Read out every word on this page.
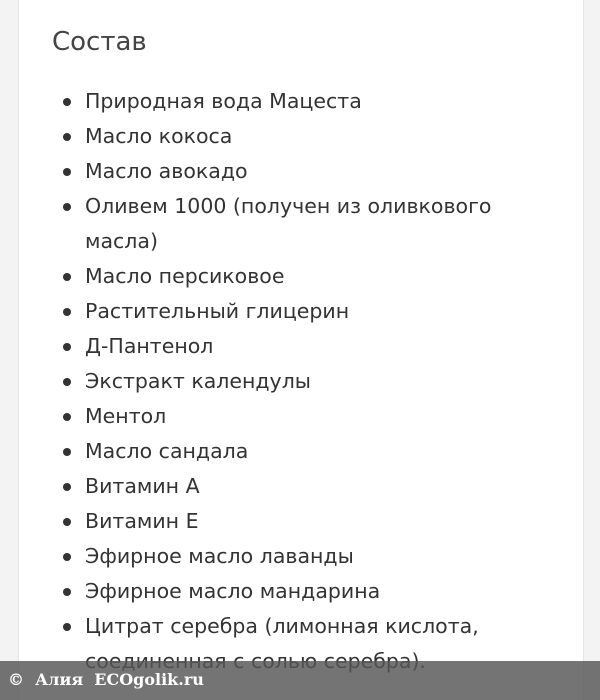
Состав
Природная вода Мацеста
Масло кокоса
Масло авокадо
Оливем 1000 (получен из оливкового масла)
Масло персиковое
Растительный глицерин
Д-Пантенол
Экстракт календулы
Ментол
Масло сандала
Витамин А
Витамин Е
Эфирное масло лаванды
Эфирное масло мандарина
Цитрат серебра (лимонная кислота,
©  Алия  ECOgolik.ru
